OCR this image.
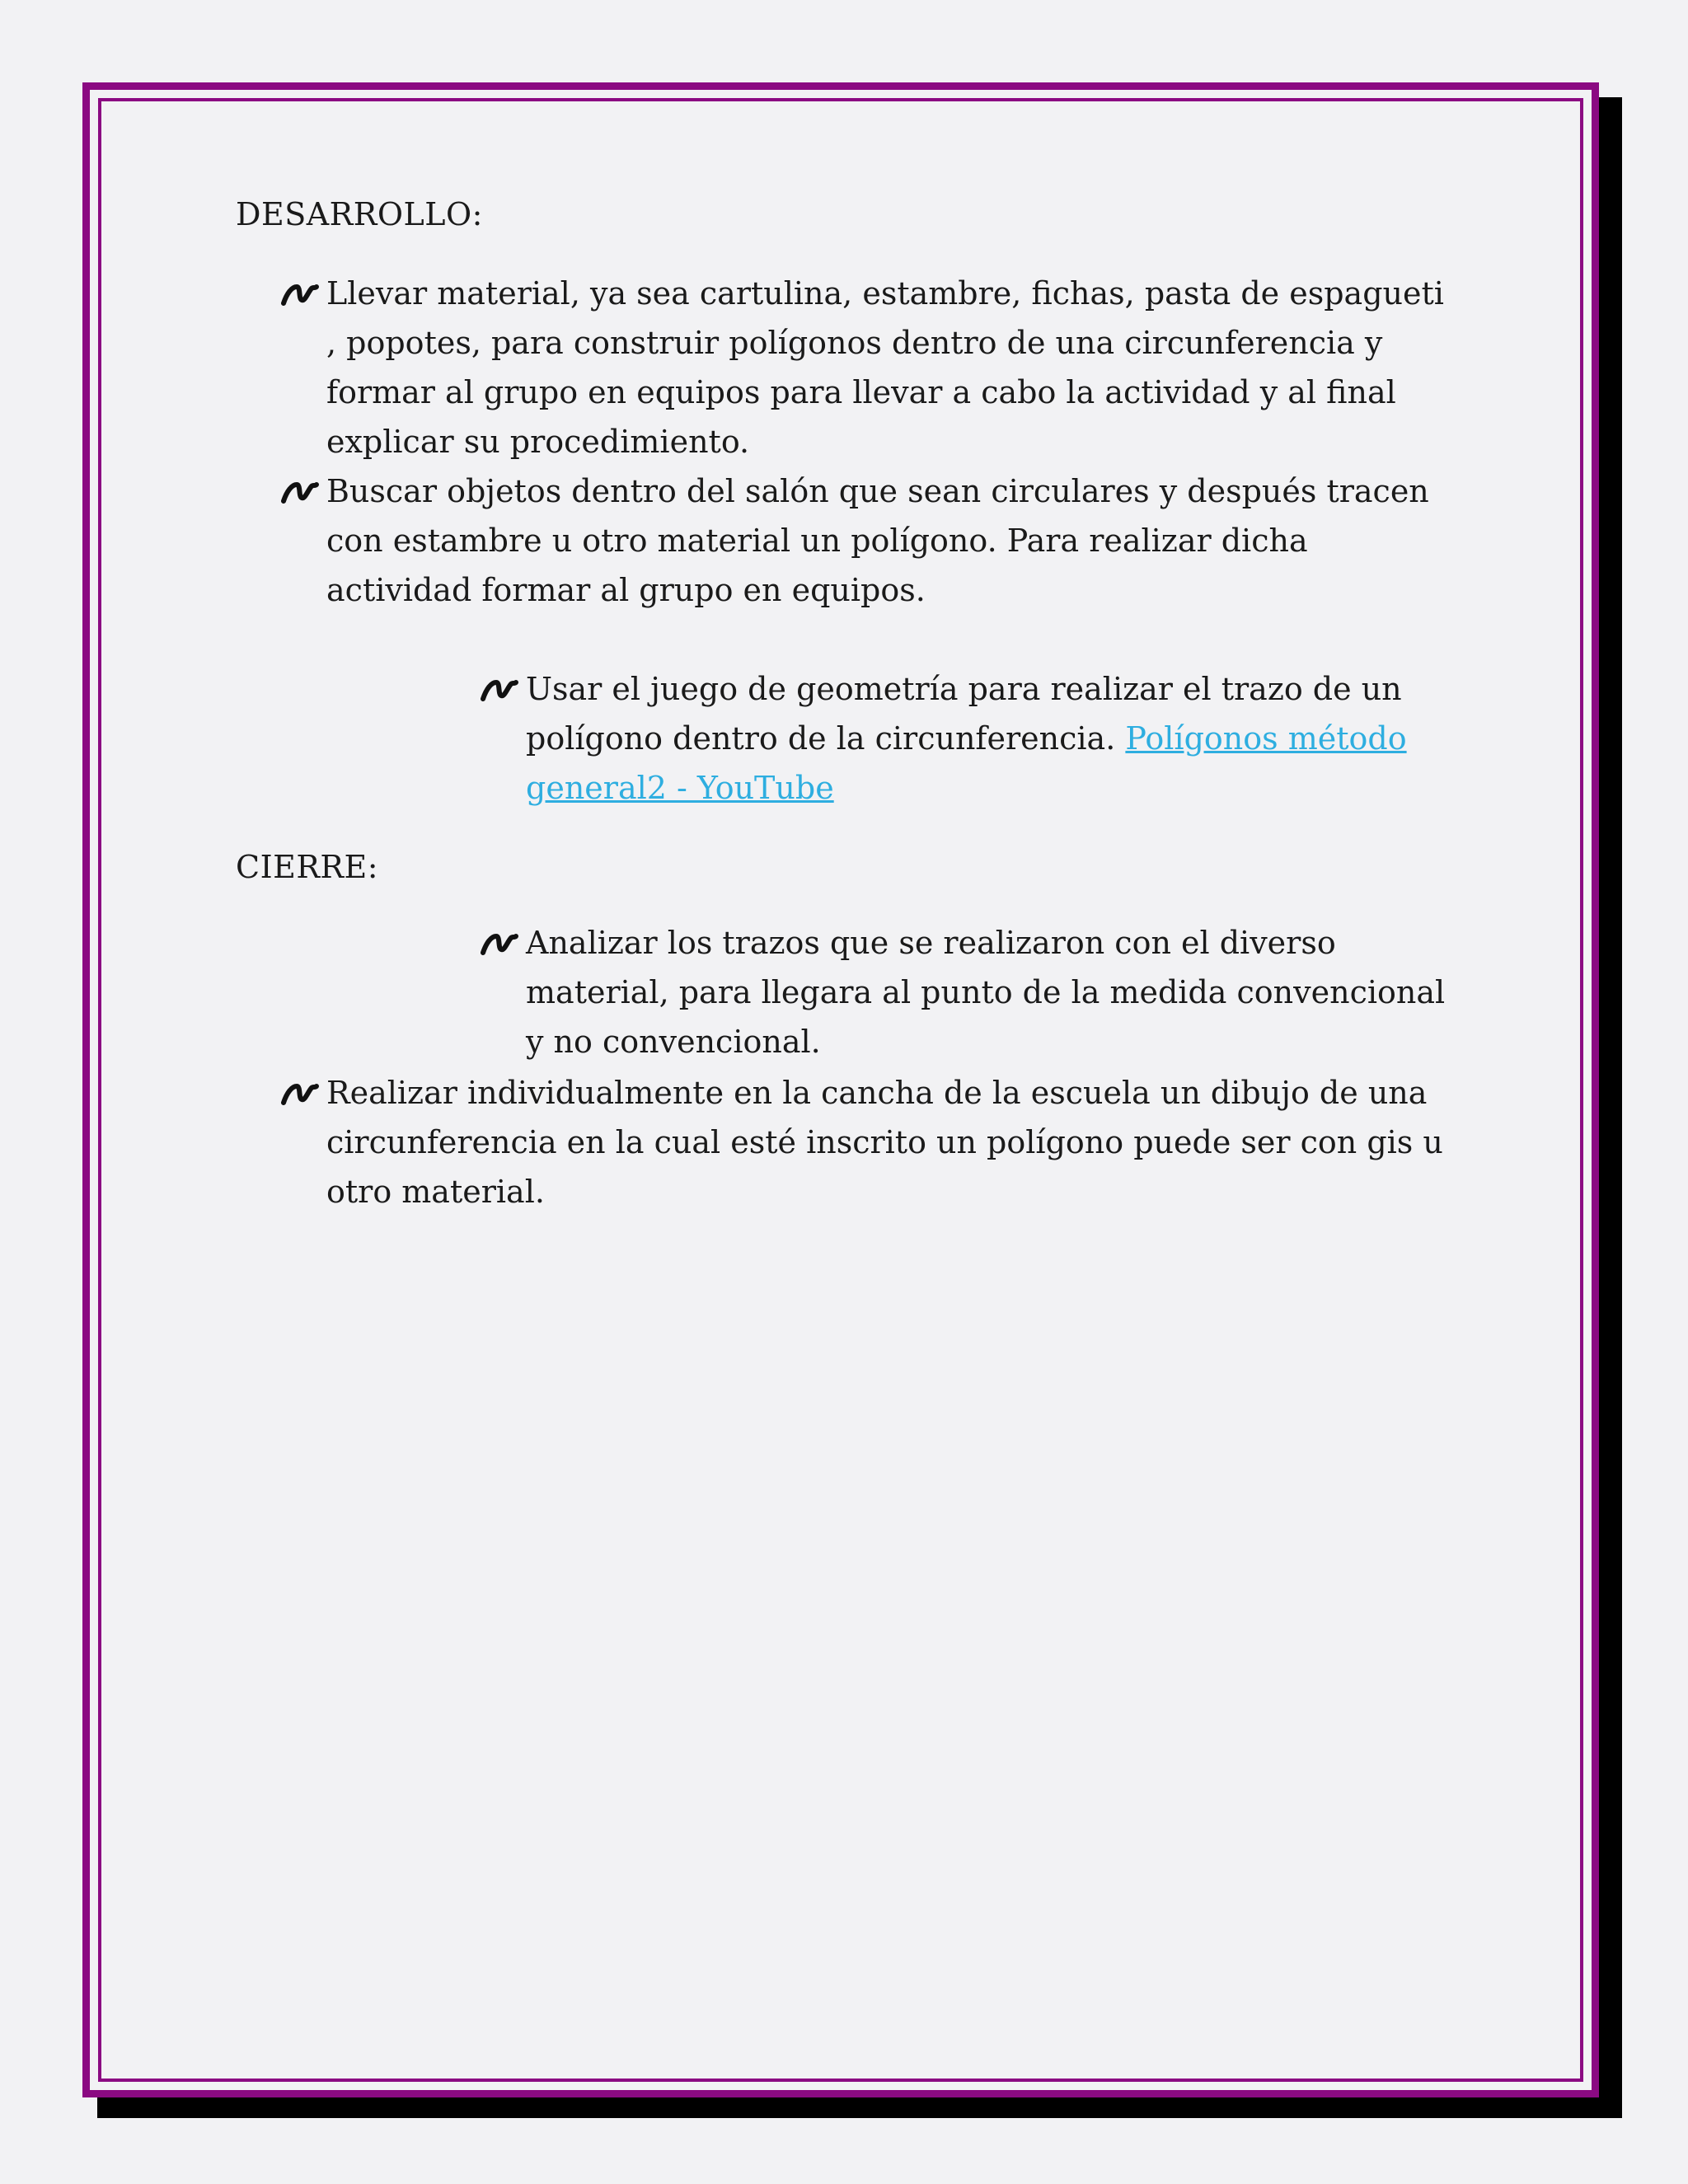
DESARROLLO:
Llevar material, ya sea cartulina, estambre, fichas, pasta de espagueti , popotes, para construir polígonos dentro de una circunferencia y formar al grupo en equipos para llevar a cabo la actividad y al final explicar su procedimiento.
Buscar objetos dentro del salón que sean circulares y después tracen con estambre u otro material un polígono. Para realizar dicha actividad formar al grupo en equipos.
Usar el juego de geometría para realizar el trazo de un polígono dentro de la circunferencia. Polígonos método general2 - YouTube
CIERRE:
Analizar los trazos que se realizaron con el diverso material, para llegara al punto de la medida convencional y no convencional.
Realizar individualmente en la cancha de la escuela un dibujo de una circunferencia en la cual esté inscrito un polígono puede ser con gis u otro material.
